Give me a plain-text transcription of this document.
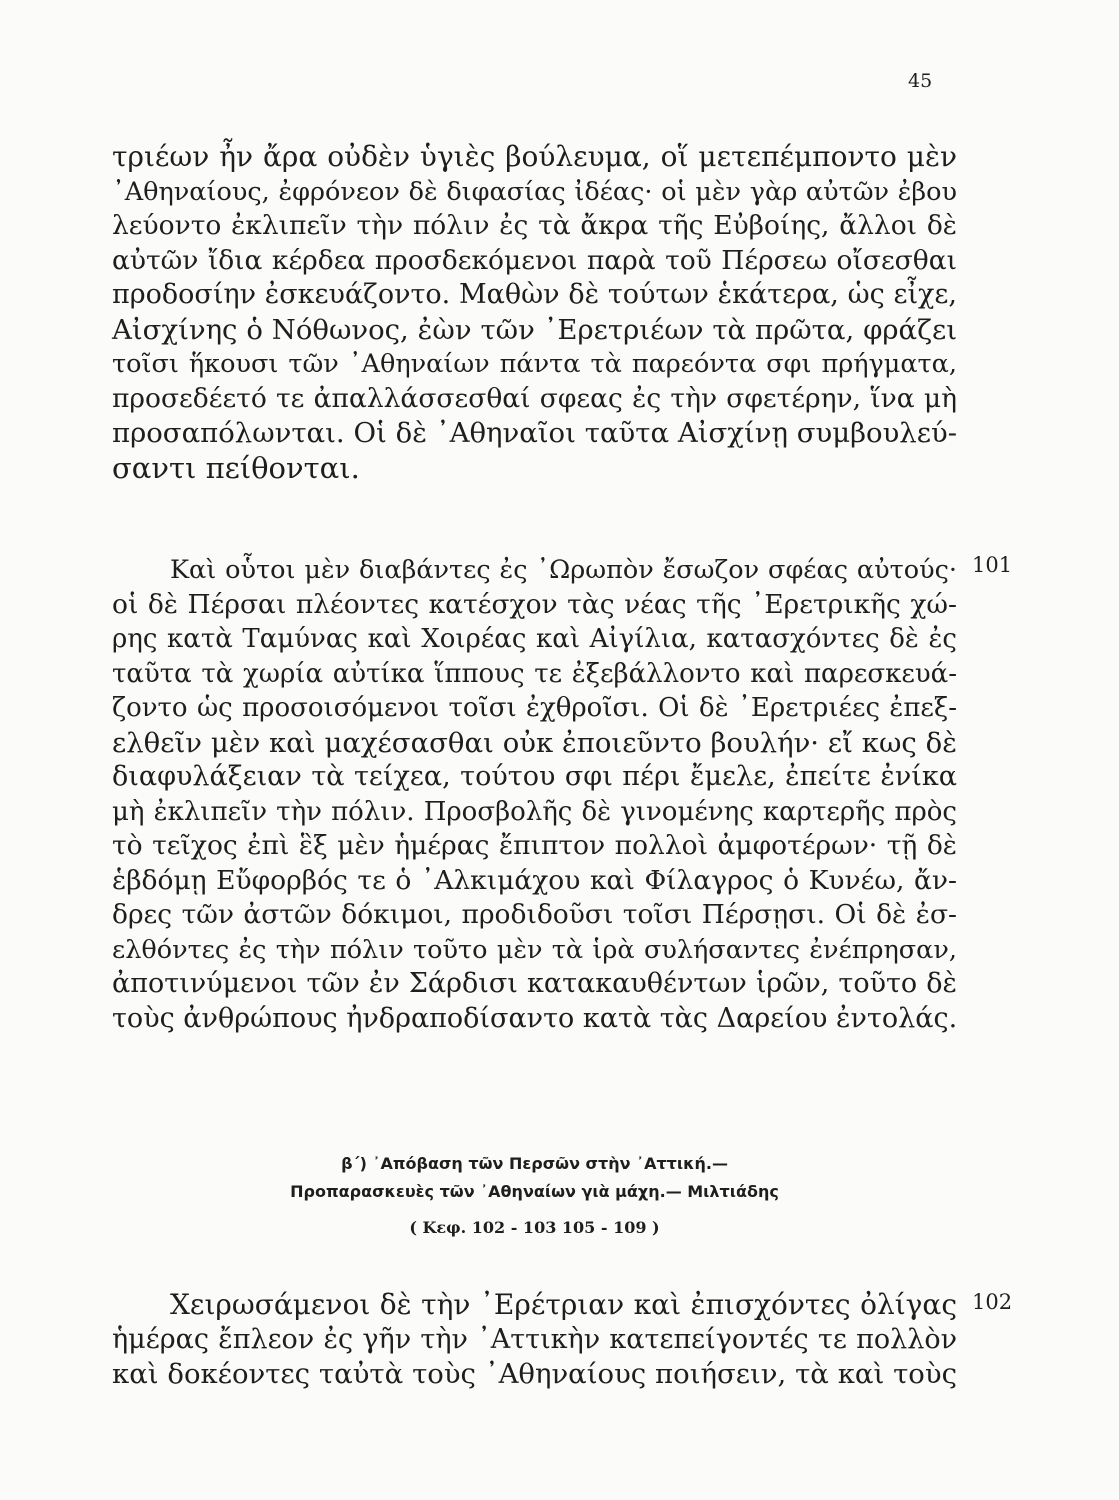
45
τριέων ἦν ἄρα οὐδὲν ὑγιὲς βούλευμα, οἵ μετεπέμποντο μὲν
᾿Αθηναίους, ἐφρόνεον δὲ διφασίας ἰδέας· οἱ μὲν γὰρ αὐτῶν ἐβου
λεύοντο ἐκλιπεῖν τὴν πόλιν ἐς τὰ ἄκρα τῆς Εὐβοίης, ἄλλοι δὲ
αὐτῶν ἴδια κέρδεα προσδεκόμενοι παρὰ τοῦ Πέρσεω οἴσεσθαι
προδοσίην ἐσκευάζοντο. Μαθὼν δὲ τούτων ἑκάτερα, ὡς εἶχε,
Αἰσχίνης ὁ Νόθωνος, ἐὼν τῶν ᾿Ερετριέων τὰ πρῶτα, φράζει
τοῖσι ἥκουσι τῶν ᾿Αθηναίων πάντα τὰ παρεόντα σφι πρήγματα,
προσεδέετό τε ἀπαλλάσσεσθαί σφεας ἐς τὴν σφετέρην, ἵνα μὴ
προσαπόλωνται. Οἱ δὲ ᾿Αθηναῖοι ταῦτα Αἰσχίνῃ συμβουλεύ-
σαντι πείθονται.
101
Καὶ οὗτοι μὲν διαβάντες ἐς ᾿Ωρωπὸν ἔσωζον σφέας αὐτούς·
οἱ δὲ Πέρσαι πλέοντες κατέσχον τὰς νέας τῆς ᾿Ερετρικῆς χώ-
ρης κατὰ Ταμύνας καὶ Χοιρέας καὶ Αἰγίλια, κατασχόντες δὲ ἐς
ταῦτα τὰ χωρία αὐτίκα ἵππους τε ἐξεβάλλοντο καὶ παρεσκευά-
ζοντο ὡς προσοισόμενοι τοῖσι ἐχθροῖσι. Οἱ δὲ ᾿Ερετριέες ἐπεξ-
ελθεῖν μὲν καὶ μαχέσασθαι οὐκ ἐποιεῦντο βουλήν· εἴ κως δὲ
διαφυλάξειαν τὰ τείχεα, τούτου σφι πέρι ἔμελε, ἐπείτε ἐνίκα
μὴ ἐκλιπεῖν τὴν πόλιν. Προσβολῆς δὲ γινομένης καρτερῆς πρὸς
τὸ τεῖχος ἐπὶ ἓξ μὲν ἡμέρας ἔπιπτον πολλοὶ ἀμφοτέρων· τῇ δὲ
ἑβδόμῃ Εὔφορβός τε ὁ ᾿Αλκιμάχου καὶ Φίλαγρος ὁ Κυνέω, ἄν-
δρες τῶν ἀστῶν δόκιμοι, προδιδοῦσι τοῖσι Πέρσῃσι. Οἱ δὲ ἐσ-
ελθόντες ἐς τὴν πόλιν τοῦτο μὲν τὰ ἱρὰ συλήσαντες ἐνέπρησαν,
ἀποτινύμενοι τῶν ἐν Σάρδισι κατακαυθέντων ἱρῶν, τοῦτο δὲ
τοὺς ἀνθρώπους ἠνδραποδίσαντο κατὰ τὰς Δαρείου ἐντολάς.
β΄) ᾿Απόβαση τῶν Περσῶν στὴν ᾿Αττική.—
Προπαρασκευὲς τῶν ᾿Αθηναίων γιὰ μάχη.— Μιλτιάδης
( Κεφ. 102 - 103 105 - 109 )
102
Χειρωσάμενοι δὲ τὴν ᾿Ερέτριαν καὶ ἐπισχόντες ὀλίγας
ἡμέρας ἔπλεον ἐς γῆν τὴν ᾿Αττικὴν κατεπείγοντές τε πολλὸν
καὶ δοκέοντες ταὐτὰ τοὺς ᾿Αθηναίους ποιήσειν, τὰ καὶ τοὺς
